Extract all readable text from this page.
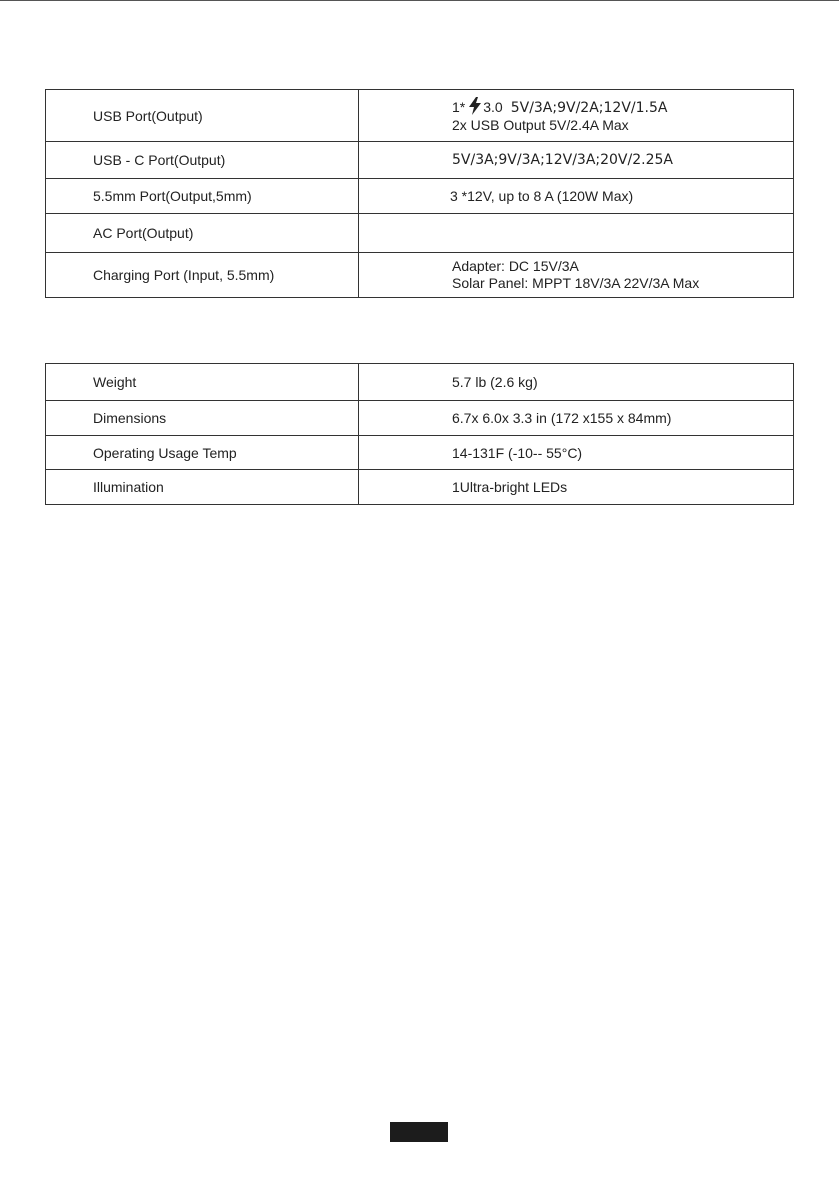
USB Port(Output)	1* 3.0 5V/3A;9V/2A;12V/1.5A
2x USB Output 5V/2.4A Max

USB - C Port(Output)	5V/3A;9V/3A;12V/3A;20V/2.25A
5.5mm Port(Output,5mm)	3 *12V, up to 8 A (120W Max)
AC Port(Output)	
Charging Port (Input, 5.5mm)	Adapter: DC 15V/3A
Solar Panel: MPPT 18V/3A 22V/3A Max
Weight	5.7 lb (2.6 kg)
Dimensions	6.7x 6.0x 3.3 in (172 x155 x 84mm)
Operating Usage Temp	14-131F (-10-- 55°C)
Illumination	1Ultra-bright LEDs
